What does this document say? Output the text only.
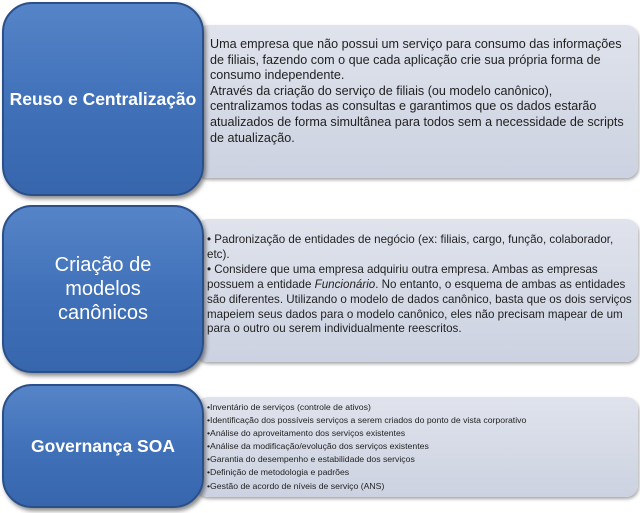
Uma empresa que não possui um serviço para consumo das informações de filiais, fazendo com o que cada aplicação crie sua própria forma de consumo independente.

Através da criação do serviço de filiais (ou modelo canônico), centralizamos todas as consultas e garantimos que os dados estarão atualizados de forma simultânea para todos sem a necessidade de scripts de atualização.

Reuso e Centralização

• Padronização de entidades de negócio (ex: filiais, cargo, função, colaborador, etc).

• Considere que uma empresa adquiriu outra empresa. Ambas as empresas possuem a entidade Funcionário. No entanto, o esquema de ambas as entidades são diferentes. Utilizando o modelo de dados canônico, basta que os dois serviços mapeiem seus dados para o modelo canônico, eles não precisam mapear de um para o outro ou serem individualmente reescritos.

Criação de modelos canônicos
•Inventário de serviços (controle de ativos)
•Identificação dos possíveis serviços a serem criados do ponto de vista corporativo
•Análise do aproveitamento dos serviços existentes
•Análise da modificação/evolução dos serviços existentes
•Garantia do desempenho e estabilidade dos serviços
•Definição de metodologia e padrões
•Gestão de acordo de níveis de serviço (ANS)
Governança SOA
